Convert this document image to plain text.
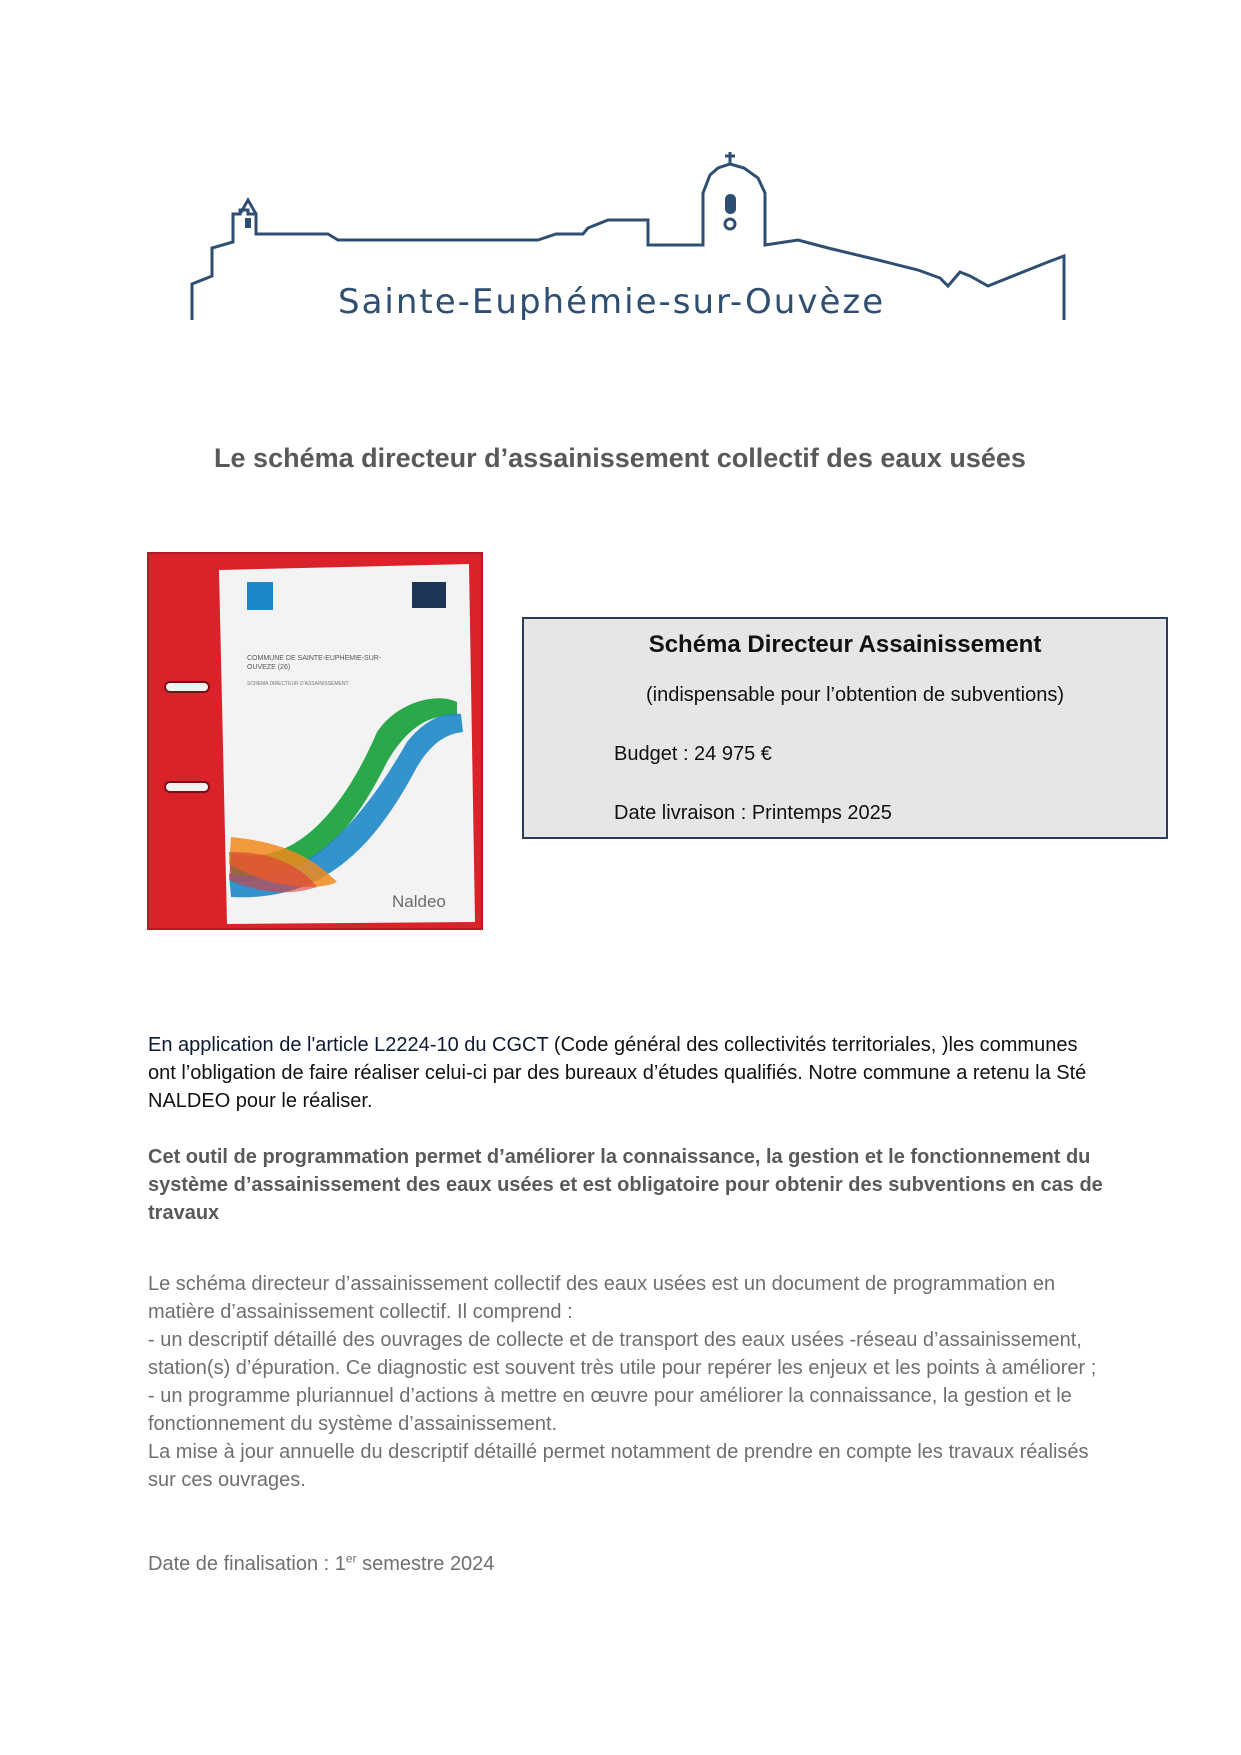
Sainte-Euphémie-sur-Ouvèze
Le schéma directeur d’assainissement collectif des eaux usées
COMMUNE DE SAINTE-EUPHEMIE-SUR-
OUVEZE (26)
SCHEMA DIRECTEUR D'ASSAINISSEMENT
Naldeo
Schéma Directeur Assainissement
(indispensable pour l’obtention de subventions)
Budget : 24 975 €
Date livraison : Printemps 2025
En application de l'article L2224-10 du CGCT (Code général des collectivités territoriales, )les communes ont l’obligation de faire réaliser celui-ci par des bureaux d’études qualifiés. Notre commune a retenu la Sté NALDEO pour le réaliser.
Cet outil de programmation permet d’améliorer la connaissance, la gestion et le fonctionnement du système d’assainissement des eaux usées et est obligatoire pour obtenir des subventions en cas de travaux
Le schéma directeur d’assainissement collectif des eaux usées est un document de programmation en matière d’assainissement collectif. Il comprend :
- un descriptif détaillé des ouvrages de collecte et de transport des eaux usées -réseau d’assainissement, station(s) d’épuration. Ce diagnostic est souvent très utile pour repérer les enjeux et les points à améliorer ;
- un programme pluriannuel d’actions à mettre en œuvre pour améliorer la connaissance, la gestion et le fonctionnement du système d’assainissement.
La mise à jour annuelle du descriptif détaillé permet notamment de prendre en compte les travaux réalisés sur ces ouvrages.
Date de finalisation : 1er semestre 2024
